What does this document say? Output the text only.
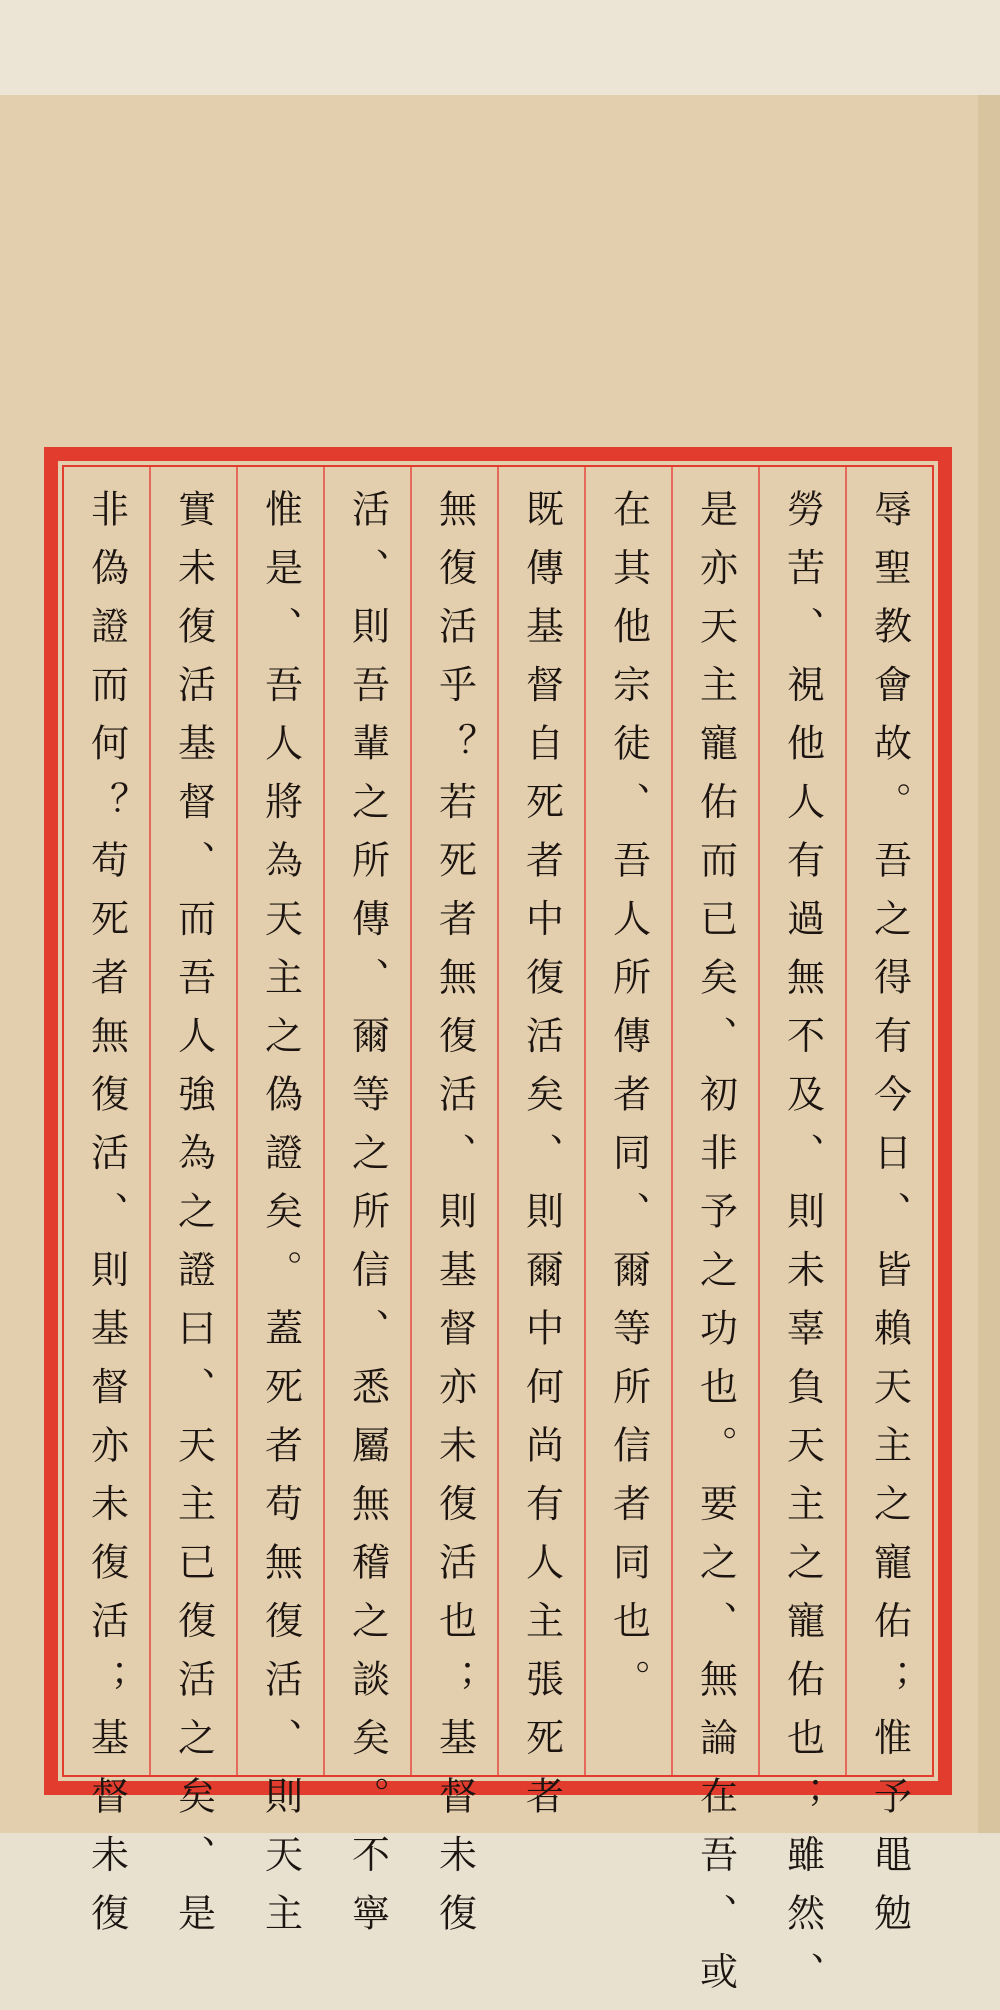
辱聖教會故。吾之得有今日、皆賴天主之寵佑；惟予黽勉
勞苦、視他人有過無不及、則未辜負天主之寵佑也；雖然、
是亦天主寵佑而已矣、初非予之功也。要之、無論在吾、或
在其他宗徒、吾人所傳者同、爾等所信者同也。
既傳基督自死者中復活矣、則爾中何尚有人主張死者
無復活乎？若死者無復活、則基督亦未復活也；基督未復
活、則吾輩之所傳、爾等之所信、悉屬無稽之談矣。不寧
惟是、吾人將為天主之偽證矣。蓋死者苟無復活、則天主
實未復活基督、而吾人強為之證曰、天主已復活之矣、是
非偽證而何？苟死者無復活、則基督亦未復活；基督未復
